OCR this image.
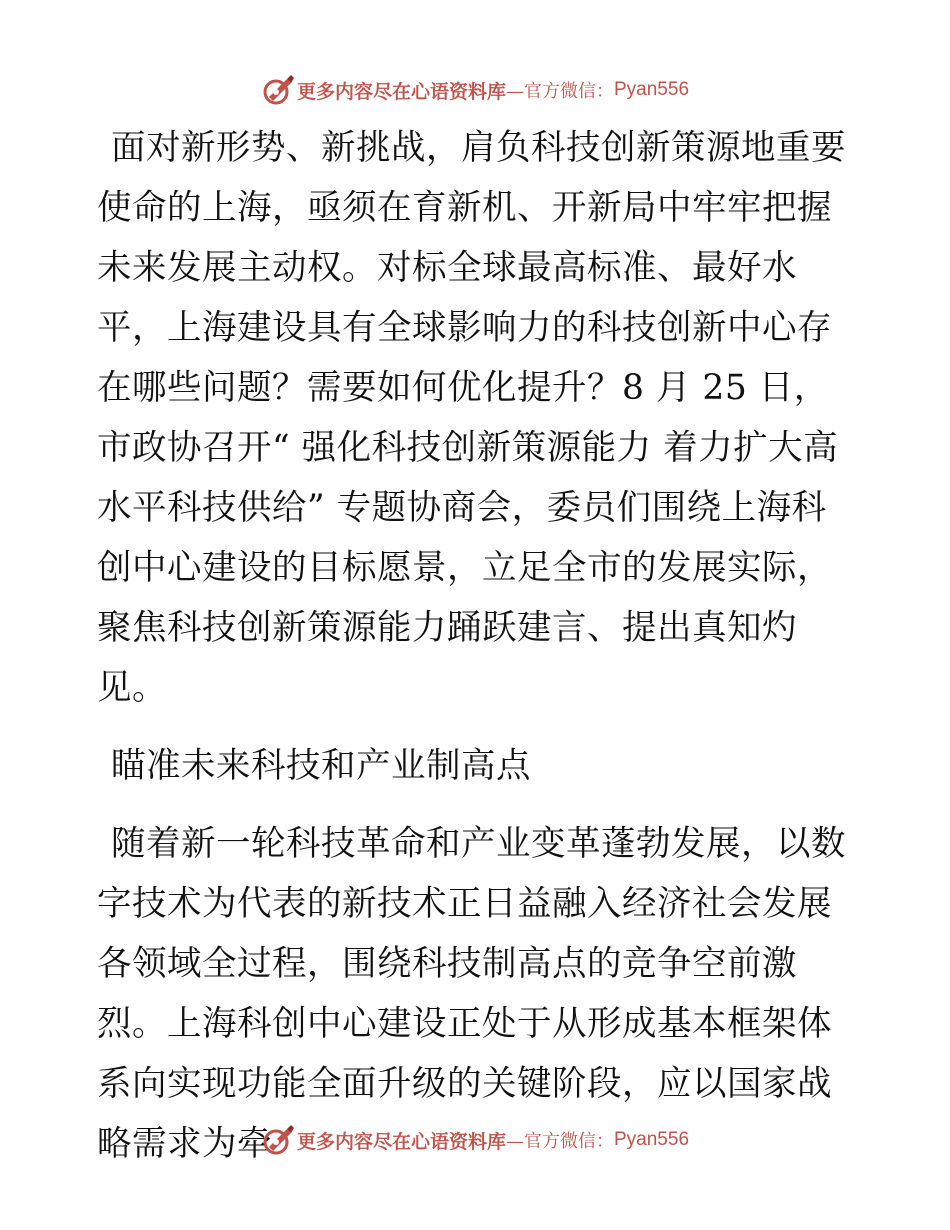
更多内容尽在心语资料库 —官方微信： Pyan556

面对新形势、新挑战，肩负科技创新策源地重要使命的上海，亟须在育新机、开新局中牢牢把握未来发展主动权。对标全球最高标准、最好水平，上海建设具有全球影响力的科技创新中心存在哪些问题？需要如何优化提升？8 月 25 日，市政协召开“ 强化科技创新策源能力 着力扩大高水平科技供给” 专题协商会，委员们围绕上海科创中心建设的目标愿景，立足全市的发展实际，聚焦科技创新策源能力踊跃建言、提出真知灼见。

瞄准未来科技和产业制高点

随着新一轮科技革命和产业变革蓬勃发展，以数字技术为代表的新技术正日益融入经济社会发展各领域全过程，围绕科技制高点的竞争空前激烈。上海科创中心建设正处于从形成基本框架体系向实现功能全面升级的关键阶段，应以国家战略需求为牵	更多内容尽在心语资料库 —官方微信： Pyan556
